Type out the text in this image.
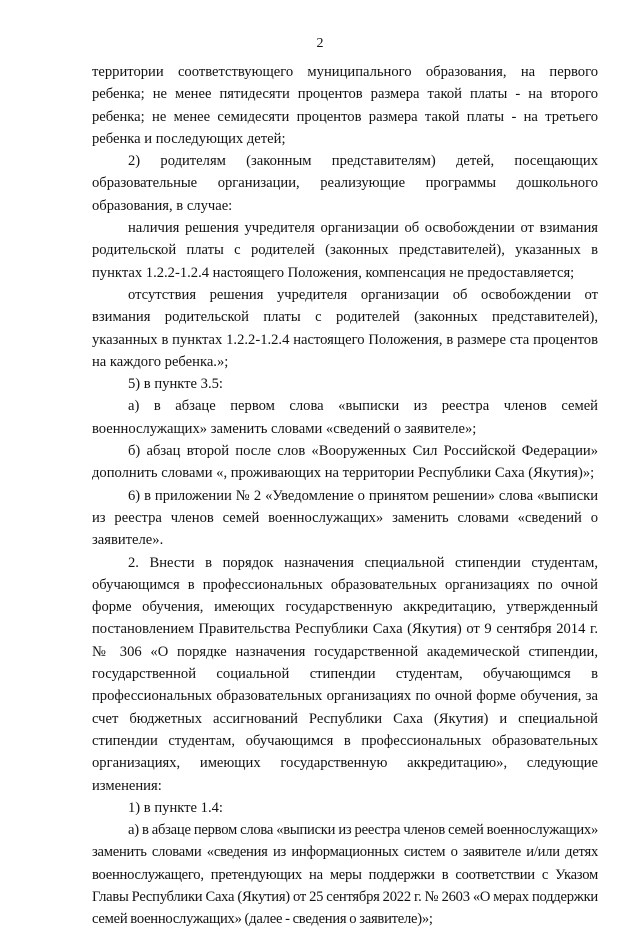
2

территории соответствующего муниципального образования, на первого ребенка; не менее пятидесяти процентов размера такой платы - на второго ребенка; не менее семидесяти процентов размера такой платы - на третьего ребенка и последующих детей;

2) родителям (законным представителям) детей, посещающих образовательные организации, реализующие программы дошкольного образования, в случае:

наличия решения учредителя организации об освобождении от взимания родительской платы с родителей (законных представителей), указанных в пунктах 1.2.2-1.2.4 настоящего Положения, компенсация не предоставляется;

отсутствия решения учредителя организации об освобождении от взимания родительской платы с родителей (законных представителей), указанных в пунктах 1.2.2-1.2.4 настоящего Положения, в размере ста процентов на каждого ребенка.»;

5) в пункте 3.5:

а) в абзаце первом слова «выписки из реестра членов семей военнослужащих» заменить словами «сведений о заявителе»;

б) абзац второй после слов «Вооруженных Сил Российской Федерации» дополнить словами «, проживающих на территории Республики Саха (Якутия)»;

6) в приложении № 2 «Уведомление о принятом решении» слова «выписки из реестра членов семей военнослужащих» заменить словами «сведений о заявителе».

2. Внести в порядок назначения специальной стипендии студентам, обучающимся в профессиональных образовательных организациях по очной форме обучения, имеющих государственную аккредитацию, утвержденный постановлением Правительства Республики Саха (Якутия) от 9 сентября 2014 г. № 306 «О порядке назначения государственной академической стипендии, государственной социальной стипендии студентам, обучающимся в профессиональных образовательных организациях по очной форме обучения, за счет бюджетных ассигнований Республики Саха (Якутия) и специальной стипендии студентам, обучающимся в профессиональных образовательных организациях, имеющих государственную аккредитацию», следующие изменения:

1) в пункте 1.4:

а) в абзаце первом слова «выписки из реестра членов семей военнослужащих» заменить словами «сведения из информационных систем о заявителе и/или детях военнослужащего, претендующих на меры поддержки в соответствии с Указом Главы Республики Саха (Якутия) от 25 сентября 2022 г. № 2603 «О мерах поддержки семей военнослужащих» (далее - сведения о заявителе)»;
